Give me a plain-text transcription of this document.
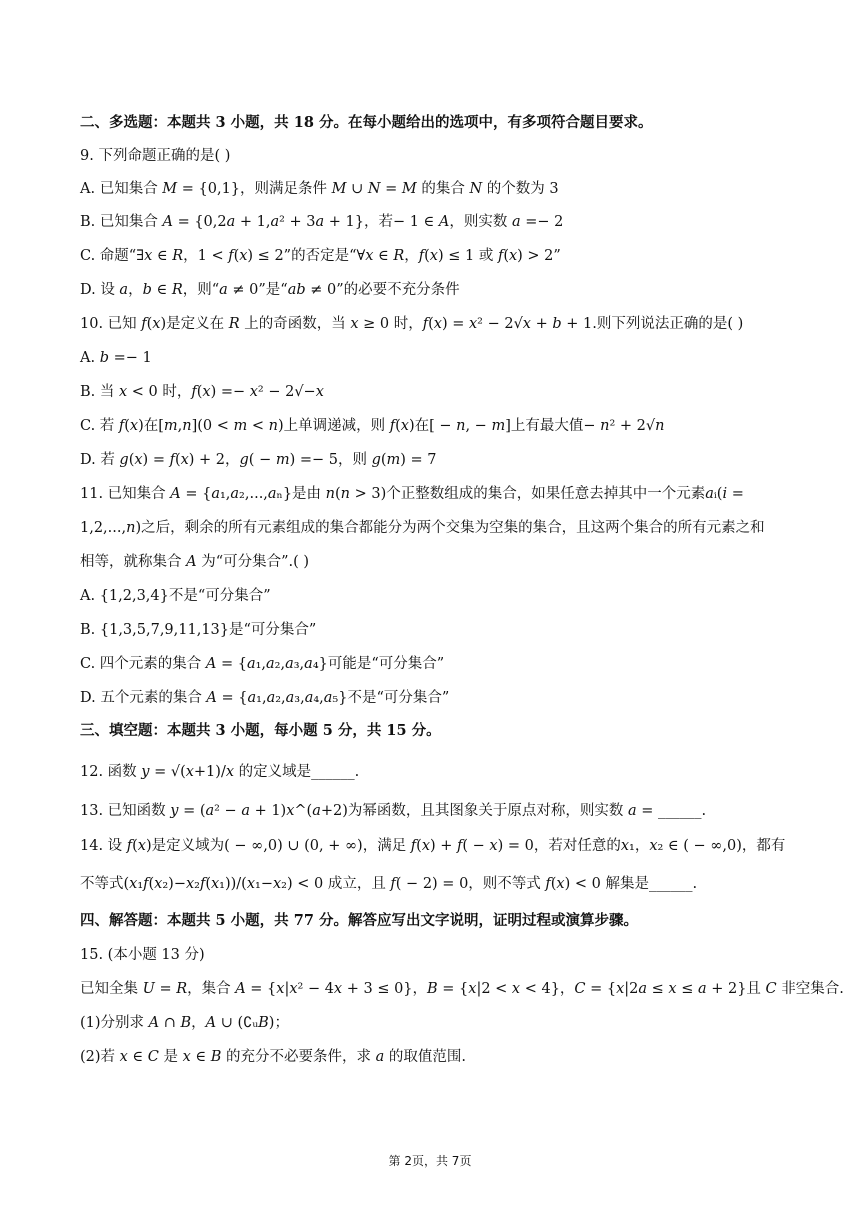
二、多选题：本题共 3 小题，共 18 分。在每小题给出的选项中，有多项符合题目要求。
9. 下列命题正确的是( )
A. 已知集合 𝑀 = {0,1}，则满足条件 𝑀 ∪ 𝑁 = 𝑀 的集合 𝑁 的个数为 3
B. 已知集合 𝐴 = {0,2𝑎 + 1,𝑎² + 3𝑎 + 1}，若− 1 ∈ 𝐴，则实数 𝑎 =− 2
C. 命题“∃𝑥 ∈ 𝑅，1 < 𝑓(𝑥) ≤ 2”的否定是“∀𝑥 ∈ 𝑅，𝑓(𝑥) ≤ 1 或 𝑓(𝑥) > 2”
D. 设 𝑎，𝑏 ∈ 𝑅，则“𝑎 ≠ 0”是“𝑎𝑏 ≠ 0”的必要不充分条件
10. 已知 𝑓(𝑥)是定义在 𝑅 上的奇函数，当 𝑥 ≥ 0 时，𝑓(𝑥) = 𝑥² − 2√𝑥 + 𝑏 + 1.则下列说法正确的是( )
A. 𝑏 =− 1
B. 当 𝑥 < 0 时，𝑓(𝑥) =− 𝑥² − 2√−𝑥
C. 若 𝑓(𝑥)在[𝑚,𝑛](0 < 𝑚 < 𝑛)上单调递减，则 𝑓(𝑥)在[ − 𝑛, − 𝑚]上有最大值− 𝑛² + 2√𝑛
D. 若 𝑔(𝑥) = 𝑓(𝑥) + 2，𝑔( − 𝑚) =− 5，则 𝑔(𝑚) = 7
11. 已知集合 𝐴 = {𝑎₁,𝑎₂,...,𝑎ₙ}是由 𝑛(𝑛 > 3)个正整数组成的集合，如果任意去掉其中一个元素𝑎ᵢ(𝑖 =
1,2,...,𝑛)之后，剩余的所有元素组成的集合都能分为两个交集为空集的集合，且这两个集合的所有元素之和
相等，就称集合 𝐴 为“可分集合”.( )
A. {1,2,3,4}不是“可分集合”
B. {1,3,5,7,9,11,13}是“可分集合”
C. 四个元素的集合 𝐴 = {𝑎₁,𝑎₂,𝑎₃,𝑎₄}可能是“可分集合”
D. 五个元素的集合 𝐴 = {𝑎₁,𝑎₂,𝑎₃,𝑎₄,𝑎₅}不是“可分集合”
三、填空题：本题共 3 小题，每小题 5 分，共 15 分。
12. 函数 𝑦 = √(𝑥+1)/𝑥 的定义域是______.
13. 已知函数 𝑦 = (𝑎² − 𝑎 + 1)𝑥^(𝑎+2)为幂函数，且其图象关于原点对称，则实数 𝑎 = ______.
14. 设 𝑓(𝑥)是定义域为( − ∞,0) ∪ (0, + ∞)，满足 𝑓(𝑥) + 𝑓( − 𝑥) = 0，若对任意的𝑥₁，𝑥₂ ∈ ( − ∞,0)，都有
不等式(𝑥₁𝑓(𝑥₂)−𝑥₂𝑓(𝑥₁))/(𝑥₁−𝑥₂) < 0 成立，且 𝑓( − 2) = 0，则不等式 𝑓(𝑥) < 0 解集是______.
四、解答题：本题共 5 小题，共 77 分。解答应写出文字说明，证明过程或演算步骤。
15. (本小题 13 分)
已知全集 𝑈 = 𝑅，集合 𝐴 = {𝑥|𝑥² − 4𝑥 + 3 ≤ 0}，𝐵 = {𝑥|2 < 𝑥 < 4}，𝐶 = {𝑥|2𝑎 ≤ 𝑥 ≤ 𝑎 + 2}且 𝐶 非空集合.
(1)分别求 𝐴 ∩ 𝐵，𝐴 ∪ (∁ᵤ𝐵)；
(2)若 𝑥 ∈ 𝐶 是 𝑥 ∈ 𝐵 的充分不必要条件，求 𝑎 的取值范围.
第 2页，共 7页
